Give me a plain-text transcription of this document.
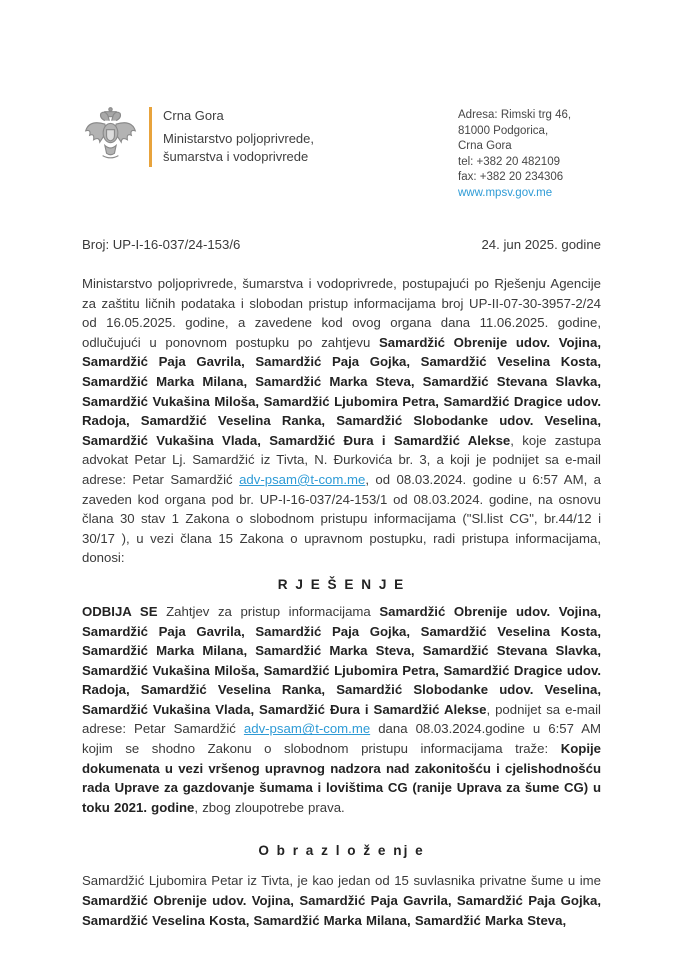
Crna Gora
Ministarstvo poljoprivrede,
šumarstva i vodoprivrede
Adresa: Rimski trg 46,
81000 Podgorica,
Crna Gora
tel: +382 20 482109
fax: +382 20 234306
www.mpsv.gov.me
Broj: UP-I-16-037/24-153/6	24. jun 2025. godine

Ministarstvo poljoprivrede, šumarstva i vodoprivrede, postupajući po Rješenju Agencije za zaštitu ličnih podataka i slobodan pristup informacijama broj UP-II-07-30-3957-2/24 od 16.05.2025. godine, a zavedene kod ovog organa dana 11.06.2025. godine, odlučujući u ponovnom postupku po zahtjevu Samardžić Obrenije udov. Vojina, Samardžić Paja Gavrila, Samardžić Paja Gojka, Samardžić Veselina Kosta, Samardžić Marka Milana, Samardžić Marka Steva, Samardžić Stevana Slavka, Samardžić Vukašina Miloša, Samardžić Ljubomira Petra, Samardžić Dragice udov. Radoja, Samardžić Veselina Ranka, Samardžić Slobodanke udov. Veselina, Samardžić Vukašina Vlada, Samardžić Đura i Samardžić Alekse, koje zastupa advokat Petar Lj. Samardžić iz Tivta, N. Đurkovića br. 3, a koji je podnijet sa e-mail adrese: Petar Samardžić adv-psam@t-com.me, od 08.03.2024. godine u 6:57 AM, a zaveden kod organa pod br. UP-I-16-037/24-153/1 od 08.03.2024. godine, na osnovu člana 30 stav 1 Zakona o slobodnom pristupu informacijama ("Sl.list CG", br.44/12 i 30/17 ), u vezi člana 15 Zakona o upravnom postupku, radi pristupa informacijama, donosi:

R J E Š E N J E

ODBIJA SE Zahtjev za pristup informacijama Samardžić Obrenije udov. Vojina, Samardžić Paja Gavrila, Samardžić Paja Gojka, Samardžić Veselina Kosta, Samardžić Marka Milana, Samardžić Marka Steva, Samardžić Stevana Slavka, Samardžić Vukašina Miloša, Samardžić Ljubomira Petra, Samardžić Dragice udov. Radoja, Samardžić Veselina Ranka, Samardžić Slobodanke udov. Veselina, Samardžić Vukašina Vlada, Samardžić Đura i Samardžić Alekse, podnijet sa e-mail adrese: Petar Samardžić adv-psam@t-com.me dana 08.03.2024.godine u 6:57 AM kojim se shodno Zakonu o slobodnom pristupu informacijama traže: Kopije dokumenata u vezi vršenog upravnog nadzora nad zakonitošću i cjelishodnošću rada Uprave za gazdovanje šumama i lovištima CG (ranije Uprava za šume CG) u toku 2021. godine, zbog zloupotrebe prava.

O b r a z l o ž e nj e

Samardžić Ljubomira Petar iz Tivta, je kao jedan od 15 suvlasnika privatne šume u ime Samardžić Obrenije udov. Vojina, Samardžić Paja Gavrila, Samardžić Paja Gojka, Samardžić Veselina Kosta, Samardžić Marka Milana, Samardžić Marka Steva,
